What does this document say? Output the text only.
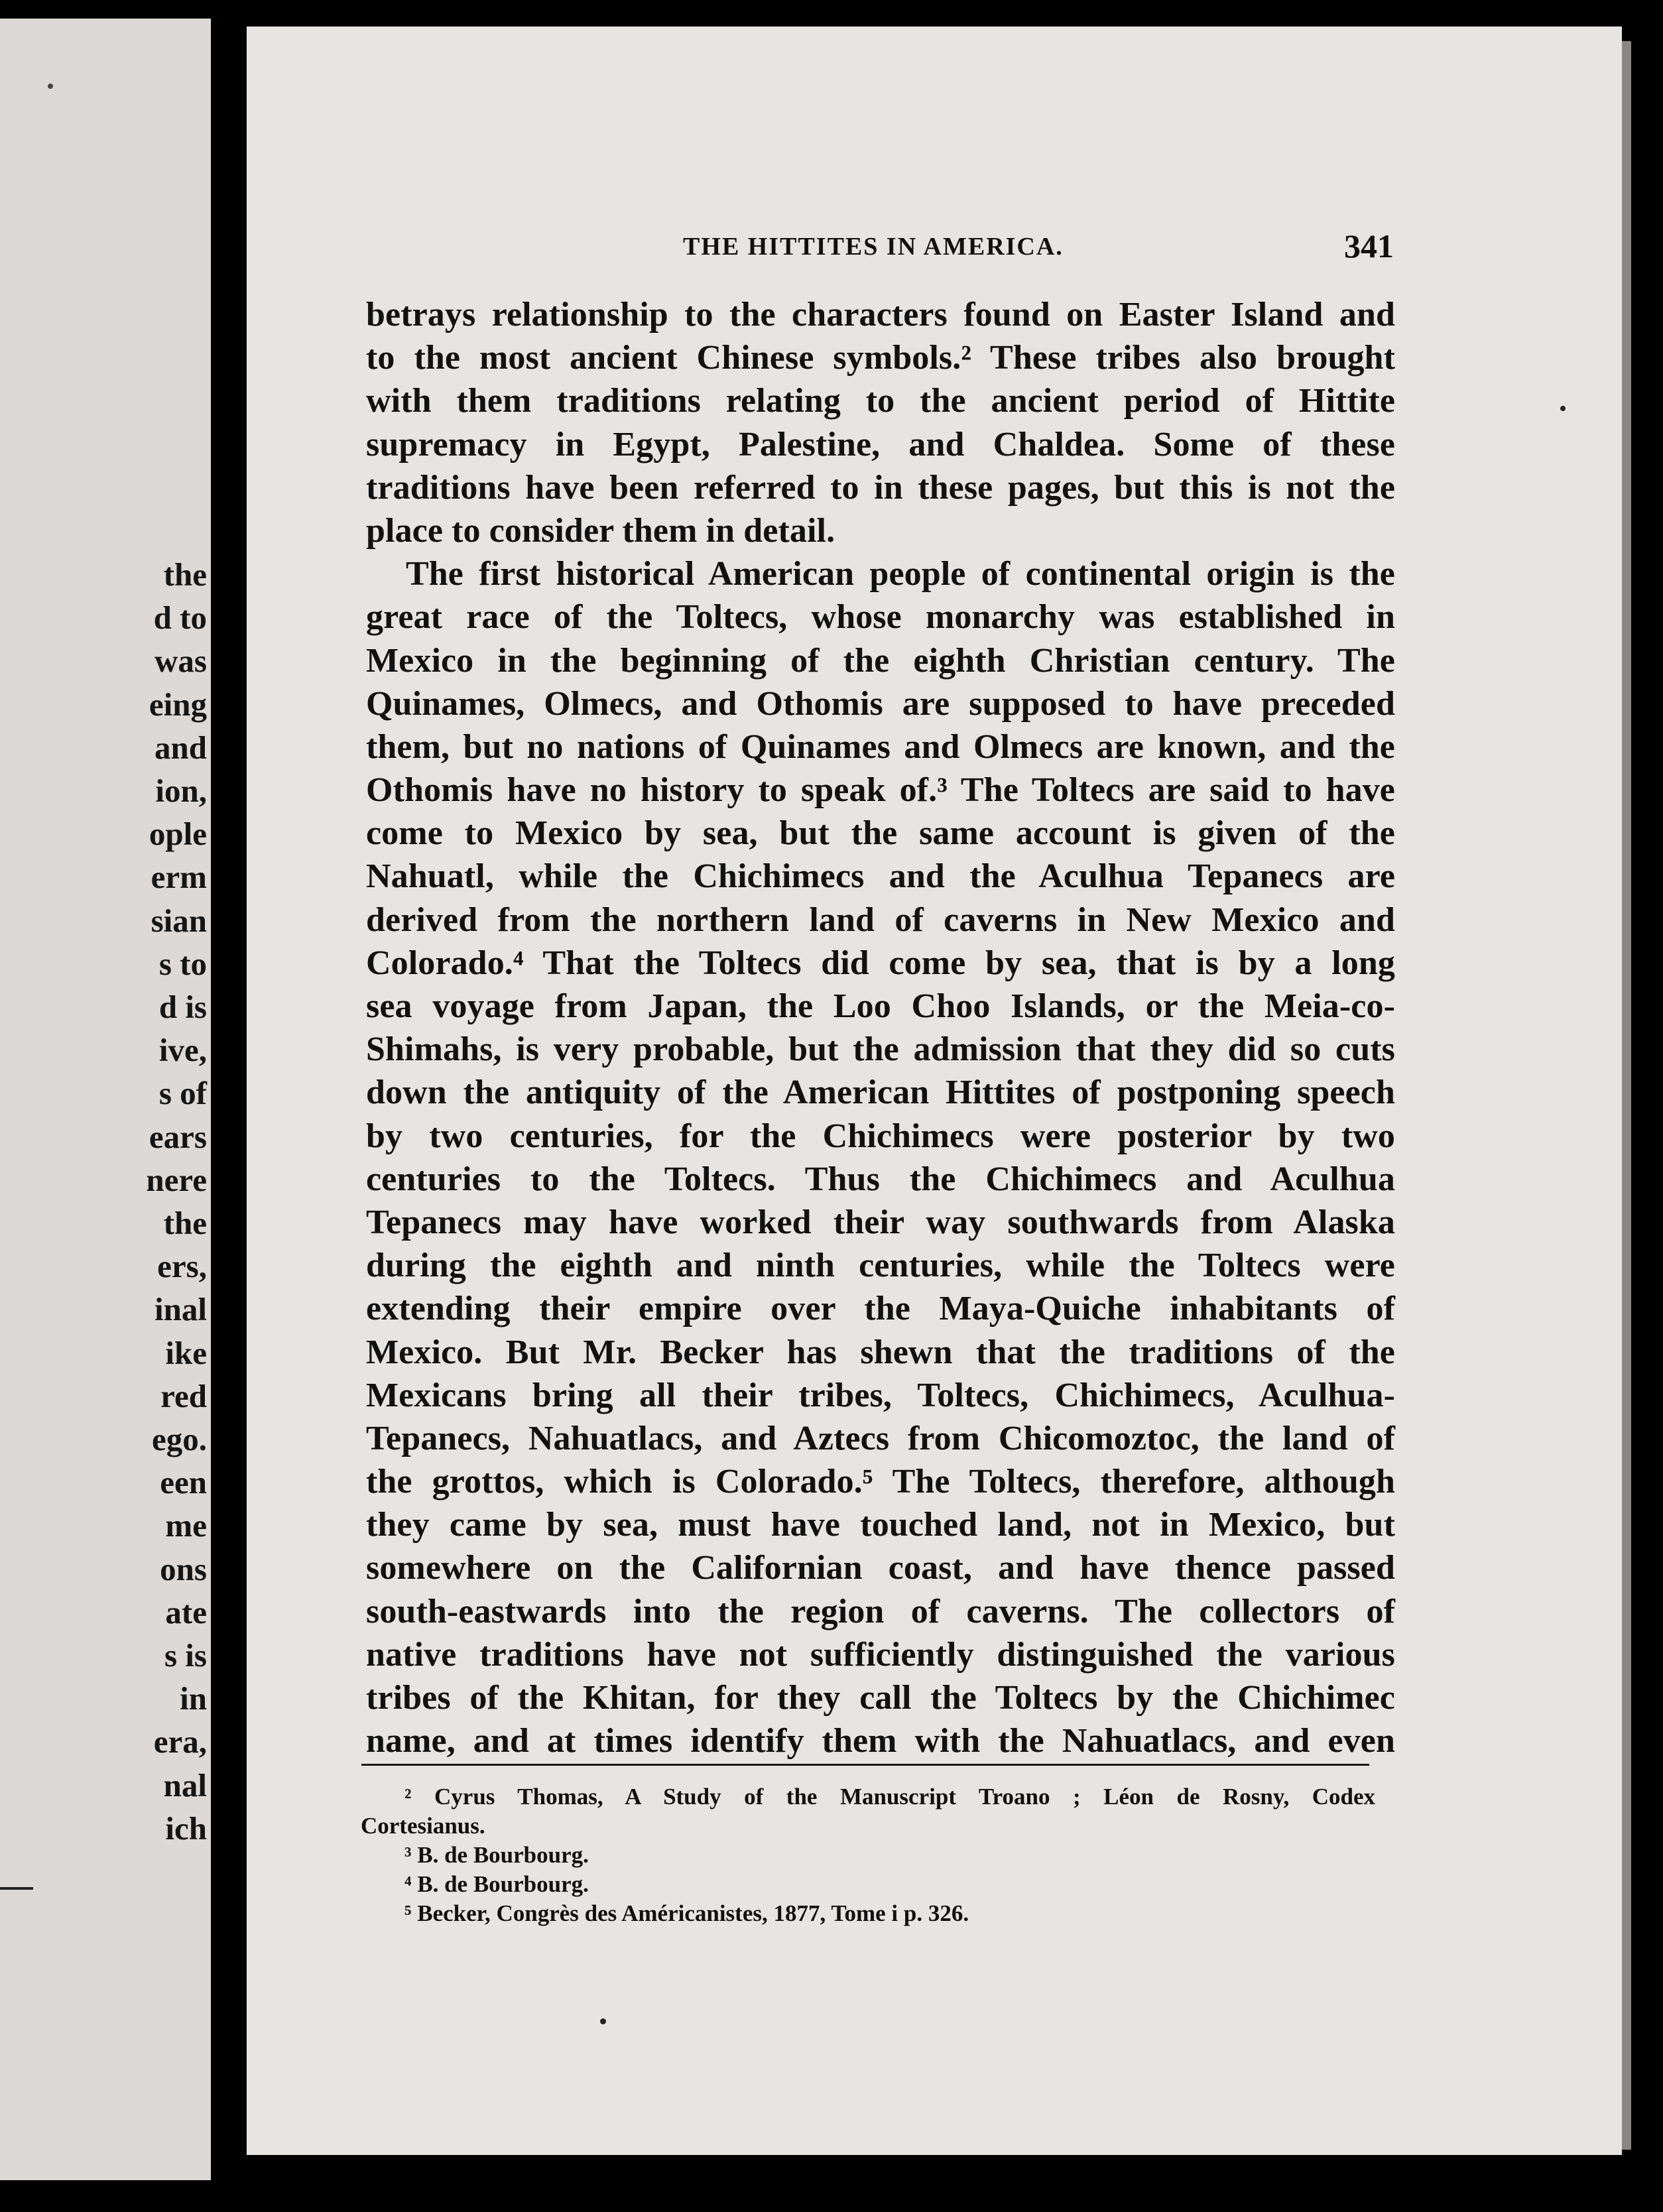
the
d to
was
eing
and
ion,
ople
erm
sian
s to
d is
ive,
s of
ears
nere
the
ers,
inal
ike
red
ego.
een
me
ons
ate
s is
in
era,
nal
ich
THE HITTITES IN AMERICA.	341
betrays relationship to the characters found on Easter Island and
to the most ancient Chinese symbols.² These tribes also brought
with them traditions relating to the ancient period of Hittite
supremacy in Egypt, Palestine, and Chaldea. Some of these
traditions have been referred to in these pages, but this is not the
place to consider them in detail.
The first historical American people of continental origin is the
great race of the Toltecs, whose monarchy was established in
Mexico in the beginning of the eighth Christian century. The
Quinames, Olmecs, and Othomis are supposed to have preceded
them, but no nations of Quinames and Olmecs are known, and the
Othomis have no history to speak of.³ The Toltecs are said to have
come to Mexico by sea, but the same account is given of the
Nahuatl, while the Chichimecs and the Aculhua Tepanecs are
derived from the northern land of caverns in New Mexico and
Colorado.⁴ That the Toltecs did come by sea, that is by a long
sea voyage from Japan, the Loo Choo Islands, or the Meia-co-
Shimahs, is very probable, but the admission that they did so cuts
down the antiquity of the American Hittites of postponing speech
by two centuries, for the Chichimecs were posterior by two
centuries to the Toltecs. Thus the Chichimecs and Aculhua
Tepanecs may have worked their way southwards from Alaska
during the eighth and ninth centuries, while the Toltecs were
extending their empire over the Maya-Quiche inhabitants of
Mexico. But Mr. Becker has shewn that the traditions of the
Mexicans bring all their tribes, Toltecs, Chichimecs, Aculhua-
Tepanecs, Nahuatlacs, and Aztecs from Chicomoztoc, the land of
the grottos, which is Colorado.⁵ The Toltecs, therefore, although
they came by sea, must have touched land, not in Mexico, but
somewhere on the Californian coast, and have thence passed
south-eastwards into the region of caverns. The collectors of
native traditions have not sufficiently distinguished the various
tribes of the Khitan, for they call the Toltecs by the Chichimec
name, and at times identify them with the Nahuatlacs, and even
² Cyrus Thomas, A Study of the Manuscript Troano ; Léon de Rosny, Codex
Cortesianus.
³ B. de Bourbourg.
⁴ B. de Bourbourg.
⁵ Becker, Congrès des Américanistes, 1877, Tome i p. 326.
